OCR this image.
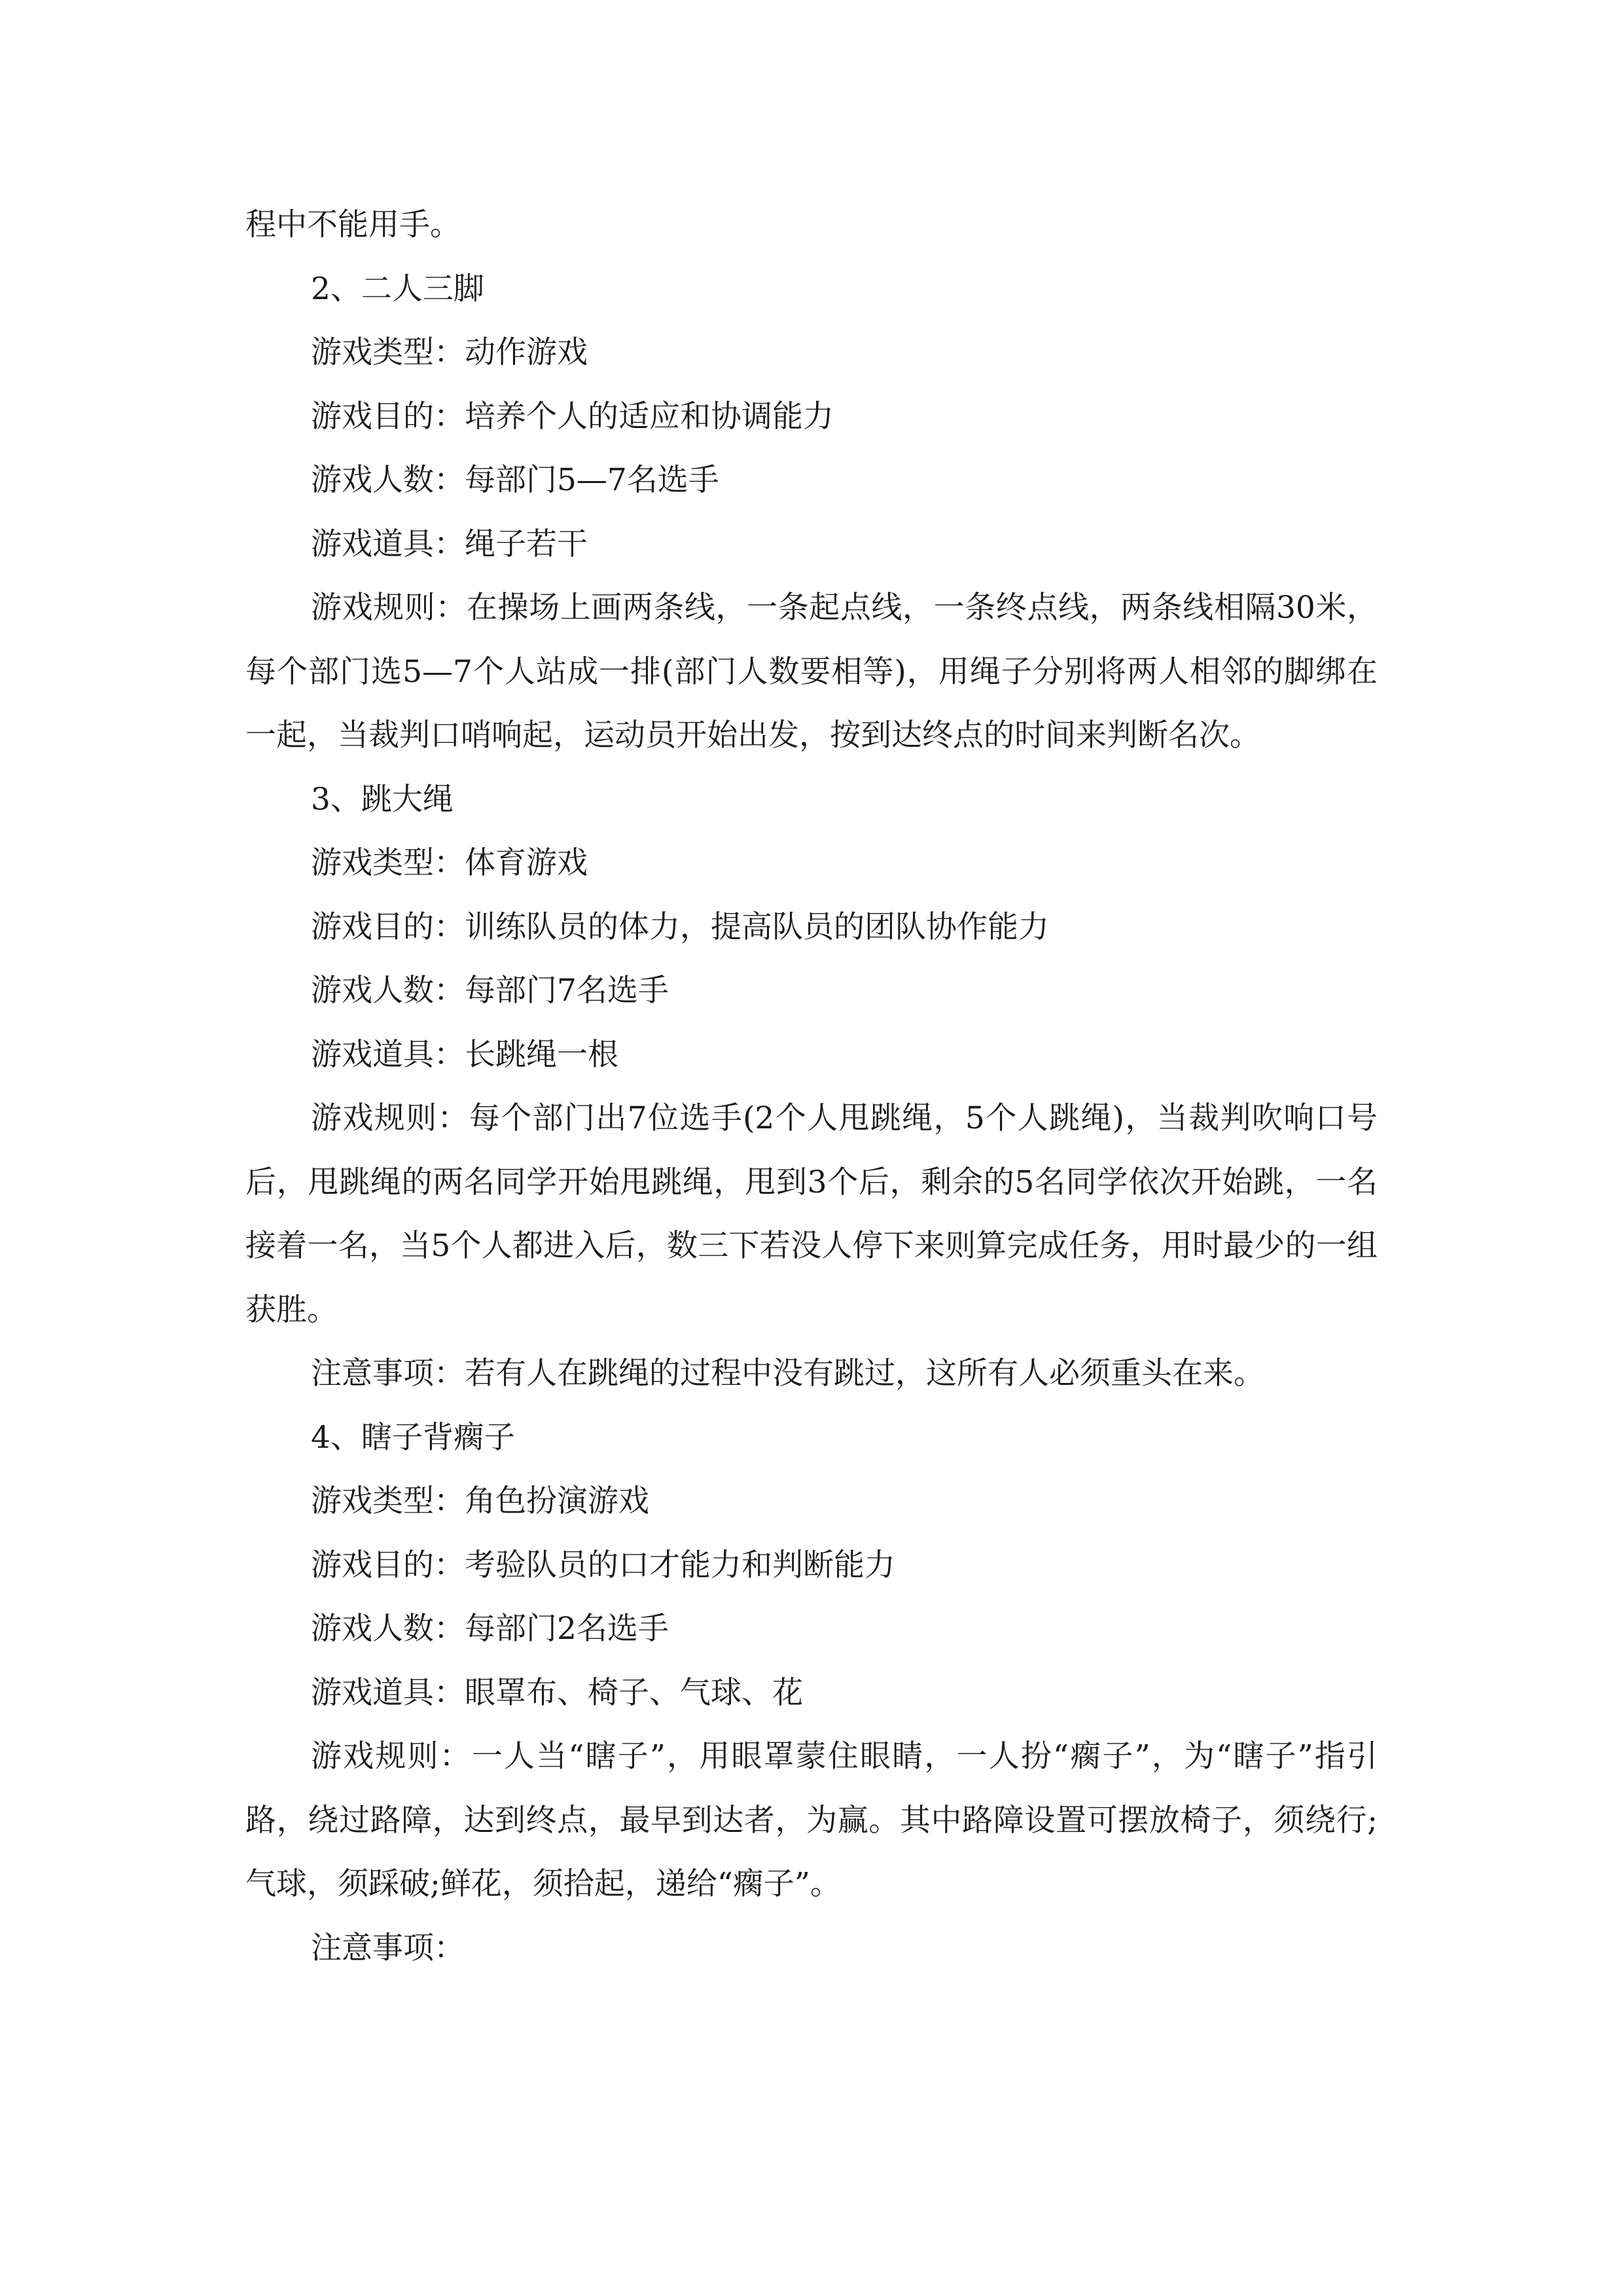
程中不能用手。

2、二人三脚

游戏类型：动作游戏

游戏目的：培养个人的适应和协调能力

游戏人数：每部门5—7名选手

游戏道具：绳子若干

游戏规则：在操场上画两条线，一条起点线，一条终点线，两条线相隔30米，每个部门选5—7个人站成一排(部门人数要相等)，用绳子分别将两人相邻的脚绑在一起，当裁判口哨响起，运动员开始出发，按到达终点的时间来判断名次。

3、跳大绳

游戏类型：体育游戏

游戏目的：训练队员的体力，提高队员的团队协作能力

游戏人数：每部门7名选手

游戏道具：长跳绳一根

游戏规则：每个部门出7位选手(2个人甩跳绳，5个人跳绳)，当裁判吹响口号后，甩跳绳的两名同学开始甩跳绳，甩到3个后，剩余的5名同学依次开始跳，一名接着一名，当5个人都进入后，数三下若没人停下来则算完成任务，用时最少的一组获胜。

注意事项：若有人在跳绳的过程中没有跳过，这所有人必须重头在来。

4、瞎子背瘸子

游戏类型：角色扮演游戏

游戏目的：考验队员的口才能力和判断能力

游戏人数：每部门2名选手

游戏道具：眼罩布、椅子、气球、花

游戏规则：一人当“瞎子”，用眼罩蒙住眼睛，一人扮“瘸子”，为“瞎子”指引路，绕过路障，达到终点，最早到达者，为赢。其中路障设置可摆放椅子，须绕行;气球，须踩破;鲜花，须拾起，递给“瘸子”。

注意事项：
